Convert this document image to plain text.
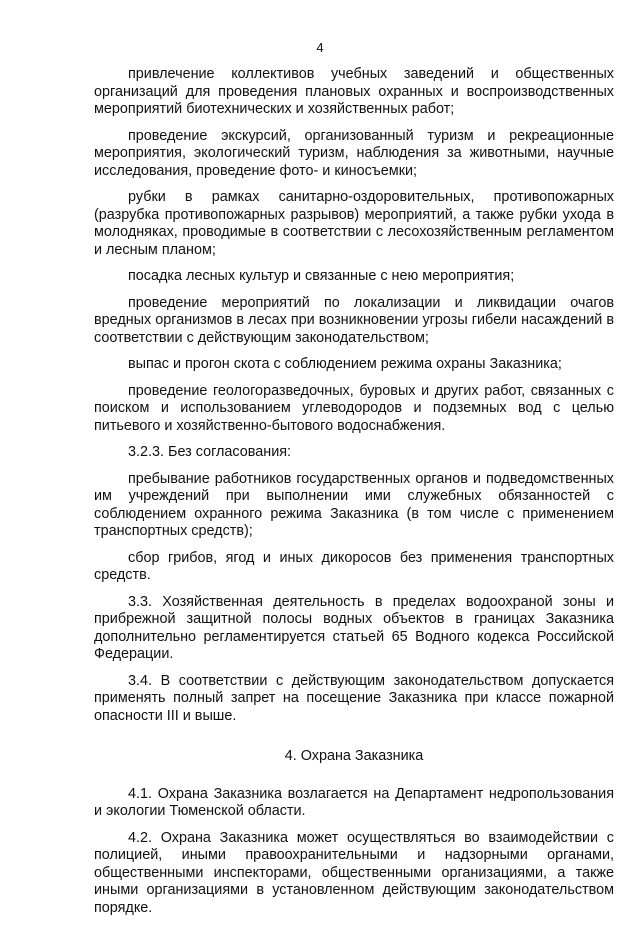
4

привлечение коллективов учебных заведений и общественных организаций для проведения плановых охранных и воспроизводственных мероприятий биотехнических и хозяйственных работ;

проведение экскурсий, организованный туризм и рекреационные мероприятия, экологический туризм, наблюдения за животными, научные исследования, проведение фото- и киносъемки;

рубки в рамках санитарно-оздоровительных, противопожарных (разрубка противопожарных разрывов) мероприятий, а также рубки ухода в молодняках, проводимые в соответствии с лесохозяйственным регламентом и лесным планом;

посадка лесных культур и связанные с нею мероприятия;

проведение мероприятий по локализации и ликвидации очагов вредных организмов в лесах при возникновении угрозы гибели насаждений в соответствии с действующим законодательством;

выпас и прогон скота с соблюдением режима охраны Заказника;

проведение геологоразведочных, буровых и других работ, связанных с поиском и использованием углеводородов и подземных вод с целью питьевого и хозяйственно-бытового водоснабжения.

3.2.3. Без согласования:

пребывание работников государственных органов и подведомственных им учреждений при выполнении ими служебных обязанностей с соблюдением охранного режима Заказника (в том числе с применением транспортных средств);

сбор грибов, ягод и иных дикоросов без применения транспортных средств.

3.3. Хозяйственная деятельность в пределах водоохраной зоны и прибрежной защитной полосы водных объектов в границах Заказника дополнительно регламентируется статьей 65 Водного кодекса Российской Федерации.

3.4. В соответствии с действующим законодательством допускается применять полный запрет на посещение Заказника при классе пожарной опасности III и выше.

4. Охрана Заказника

4.1. Охрана Заказника возлагается на Департамент недропользования и экологии Тюменской области.

4.2. Охрана Заказника может осуществляться во взаимодействии с полицией, иными правоохранительными и надзорными органами, общественными инспекторами, общественными организациями, а также иными организациями в установленном действующим законодательством порядке.
